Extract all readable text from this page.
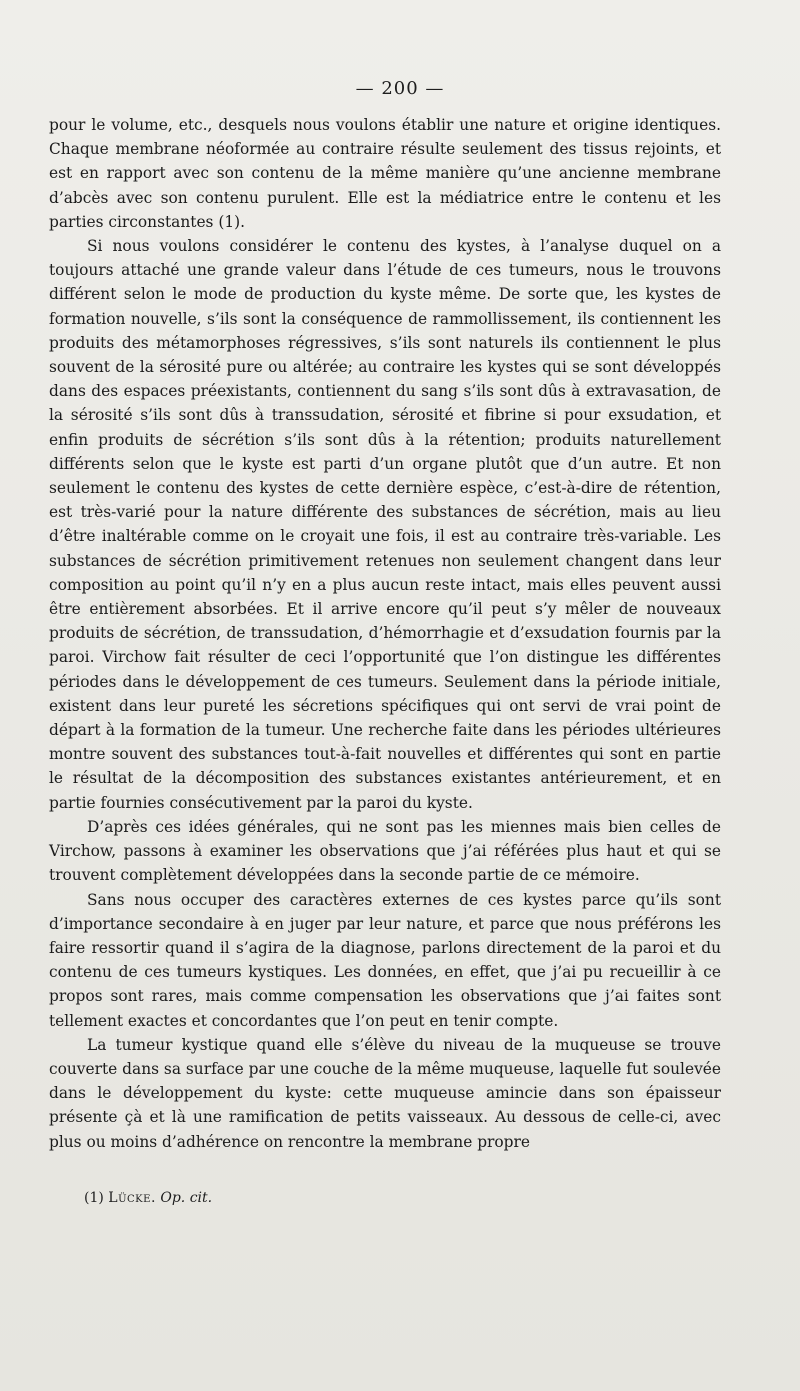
— 200 —

pour le volume, etc., desquels nous voulons établir une nature et origine identiques. Chaque membrane néoformée au contraire résulte seulement des tissus rejoints, et est en rapport avec son contenu de la même manière qu’une ancienne membrane d’abcès avec son contenu purulent. Elle est la médiatrice entre le contenu et les parties circonstantes (1).

Si nous voulons considérer le contenu des kystes, à l’analyse duquel on a toujours attaché une grande valeur dans l’étude de ces tumeurs, nous le trouvons différent selon le mode de production du kyste même. De sorte que, les kystes de formation nouvelle, s’ils sont la conséquence de rammollissement, ils contiennent les produits des métamorphoses régressives, s’ils sont naturels ils contiennent le plus souvent de la sérosité pure ou altérée; au contraire les kystes qui se sont développés dans des espaces préexistants, contiennent du sang s’ils sont dûs à extravasation, de la sérosité s’ils sont dûs à transsudation, sérosité et fibrine si pour exsudation, et enfin produits de sécrétion s’ils sont dûs à la rétention; produits naturellement différents selon que le kyste est parti d’un organe plutôt que d’un autre. Et non seulement le contenu des kystes de cette dernière espèce, c’est-à-dire de rétention, est très-varié pour la nature différente des substances de sécrétion, mais au lieu d’être inaltérable comme on le croyait une fois, il est au contraire très-variable. Les substances de sécrétion primitivement retenues non seulement changent dans leur composition au point qu’il n’y en a plus aucun reste intact, mais elles peuvent aussi être entièrement absorbées. Et il arrive encore qu’il peut s’y mêler de nouveaux produits de sécrétion, de transsudation, d’hémorrhagie et d’exsudation fournis par la paroi. Virchow fait résulter de ceci l’opportunité que l’on distingue les différentes périodes dans le développement de ces tumeurs. Seulement dans la période initiale, existent dans leur pureté les sécretions spécifiques qui ont servi de vrai point de départ à la formation de la tumeur. Une recherche faite dans les périodes ultérieures montre souvent des substances tout-à-fait nouvelles et différentes qui sont en partie le résultat de la décomposition des substances existantes antérieurement, et en partie fournies consécutivement par la paroi du kyste.

D’après ces idées générales, qui ne sont pas les miennes mais bien celles de Virchow, passons à examiner les observations que j’ai référées plus haut et qui se trouvent complètement développées dans la seconde partie de ce mémoire.

Sans nous occuper des caractères externes de ces kystes parce qu’ils sont d’importance secondaire à en juger par leur nature, et parce que nous préférons les faire ressortir quand il s’agira de la diagnose, parlons directement de la paroi et du contenu de ces tumeurs kystiques. Les données, en effet, que j’ai pu recueillir à ce propos sont rares, mais comme compensation les observations que j’ai faites sont tellement exactes et concordantes que l’on peut en tenir compte.

La tumeur kystique quand elle s’élève du niveau de la muqueuse se trouve couverte dans sa surface par une couche de la même muqueuse, laquelle fut soulevée dans le développement du kyste: cette muqueuse amincie dans son épaisseur présente çà et là une ramification de petits vaisseaux. Au dessous de celle-ci, avec plus ou moins d’adhérence on rencontre la membrane propre

(1) Lücke. Op. cit.
